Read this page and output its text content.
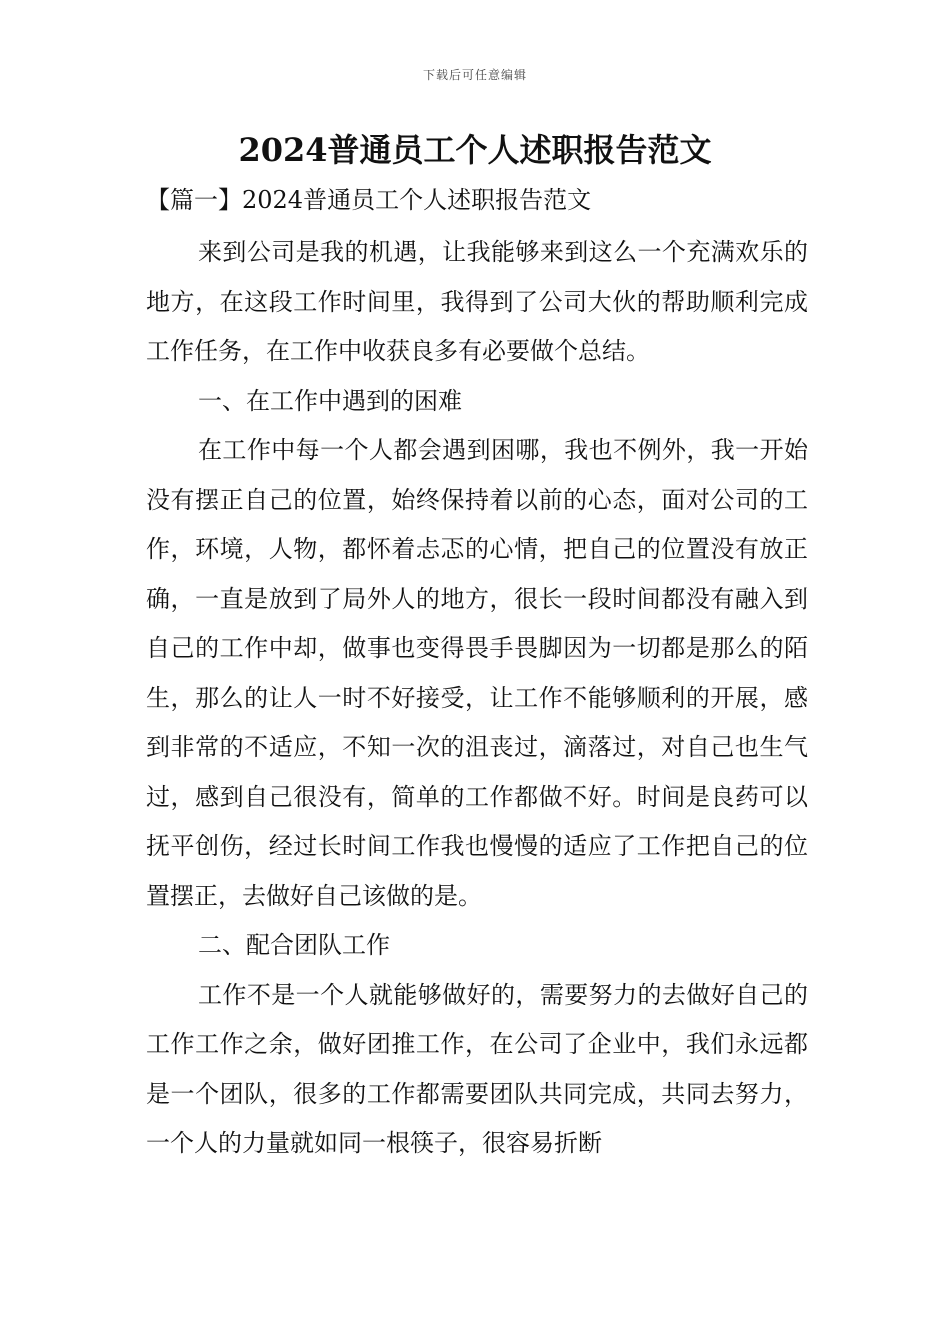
下载后可任意编辑
2024普通员工个人述职报告范文

【篇一】2024普通员工个人述职报告范文

来到公司是我的机遇，让我能够来到这么一个充满欢乐的地方，在这段工作时间里，我得到了公司大伙的帮助顺利完成工作任务，在工作中收获良多有必要做个总结。

一、在工作中遇到的困难

在工作中每一个人都会遇到困哪，我也不例外，我一开始没有摆正自己的位置，始终保持着以前的心态，面对公司的工作，环境，人物，都怀着忐忑的心情，把自己的位置没有放正确，一直是放到了局外人的地方，很长一段时间都没有融入到自己的工作中却，做事也变得畏手畏脚因为一切都是那么的陌生，那么的让人一时不好接受，让工作不能够顺利的开展，感到非常的不适应，不知一次的沮丧过，滴落过，对自己也生气过，感到自己很没有，简单的工作都做不好。时间是良药可以抚平创伤，经过长时间工作我也慢慢的适应了工作把自己的位置摆正，去做好自己该做的是。

二、配合团队工作

工作不是一个人就能够做好的，需要努力的去做好自己的工作工作之余，做好团推工作，在公司了企业中，我们永远都是一个团队，很多的工作都需要团队共同完成，共同去努力，一个人的力量就如同一根筷子，很容易折断
